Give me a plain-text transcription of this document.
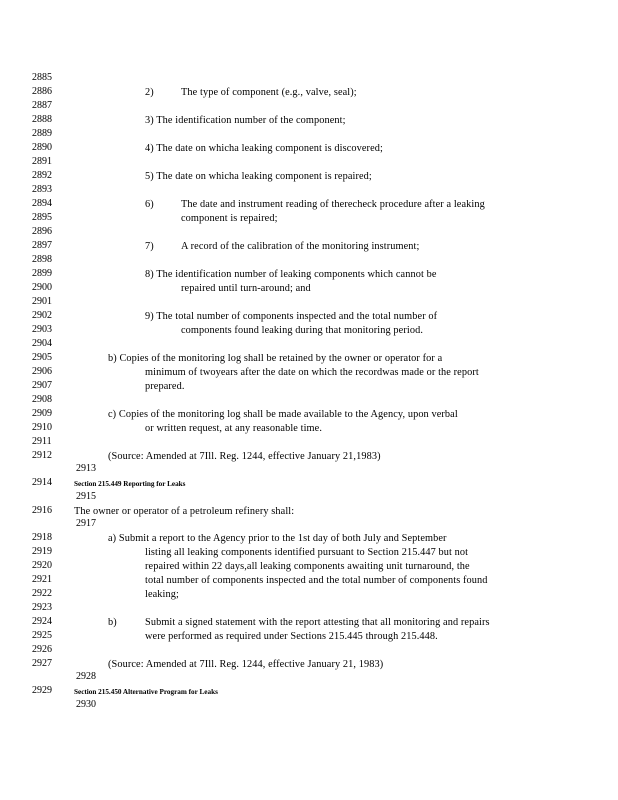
2885
2886
2887
2888
2889
2890
2891
2892
2893
2894
2895
2896
2897
2898
2899
2900
2901
2902
2903
2904
2905
2906
2907
2908
2909
2910
2911
2912
2913
2914
2915
2916
2917
2918
2919
2920
2921
2922
2923
2924
2925
2926
2927
2928
2929
2930
2)	The type of component (e.g., valve, seal);
3) The identification number of the component;
4) The date on whicha leaking component is discovered;
5) The date on whicha leaking component is repaired;
6)	The date and instrument reading of therecheck procedure after a leaking
component is repaired;
7)	A record of the calibration of the monitoring instrument;
8) The identification number of leaking components which cannot be
repaired until turn-around; and
9) The total number of components inspected and the total number of
components found leaking during that monitoring period.
b) Copies of the monitoring log shall be retained by the owner or operator for a
minimum of twoyears after the date on which the recordwas made or the report
prepared.
c) Copies of the monitoring log shall be made available to the Agency, upon verbal
or written request, at any reasonable time.
(Source: Amended at 7Ill. Reg. 1244, effective January 21,1983)
Section 215.449 Reporting for Leaks
The owner or operator of a petroleum refinery shall:
a) Submit a report to the Agency prior to the 1st day of both July and September
listing all leaking components identified pursuant to Section 215.447 but not
repaired within 22 days,all leaking components awaiting unit turnaround, the
total number of components inspected and the total number of components found
leaking;
b)	Submit a signed statement with the report attesting that all monitoring and repairs
were performed as required under Sections 215.445 through 215.448.
(Source: Amended at 7Ill. Reg. 1244, effective January 21, 1983)
Section 215.450 Alternative Program for Leaks
